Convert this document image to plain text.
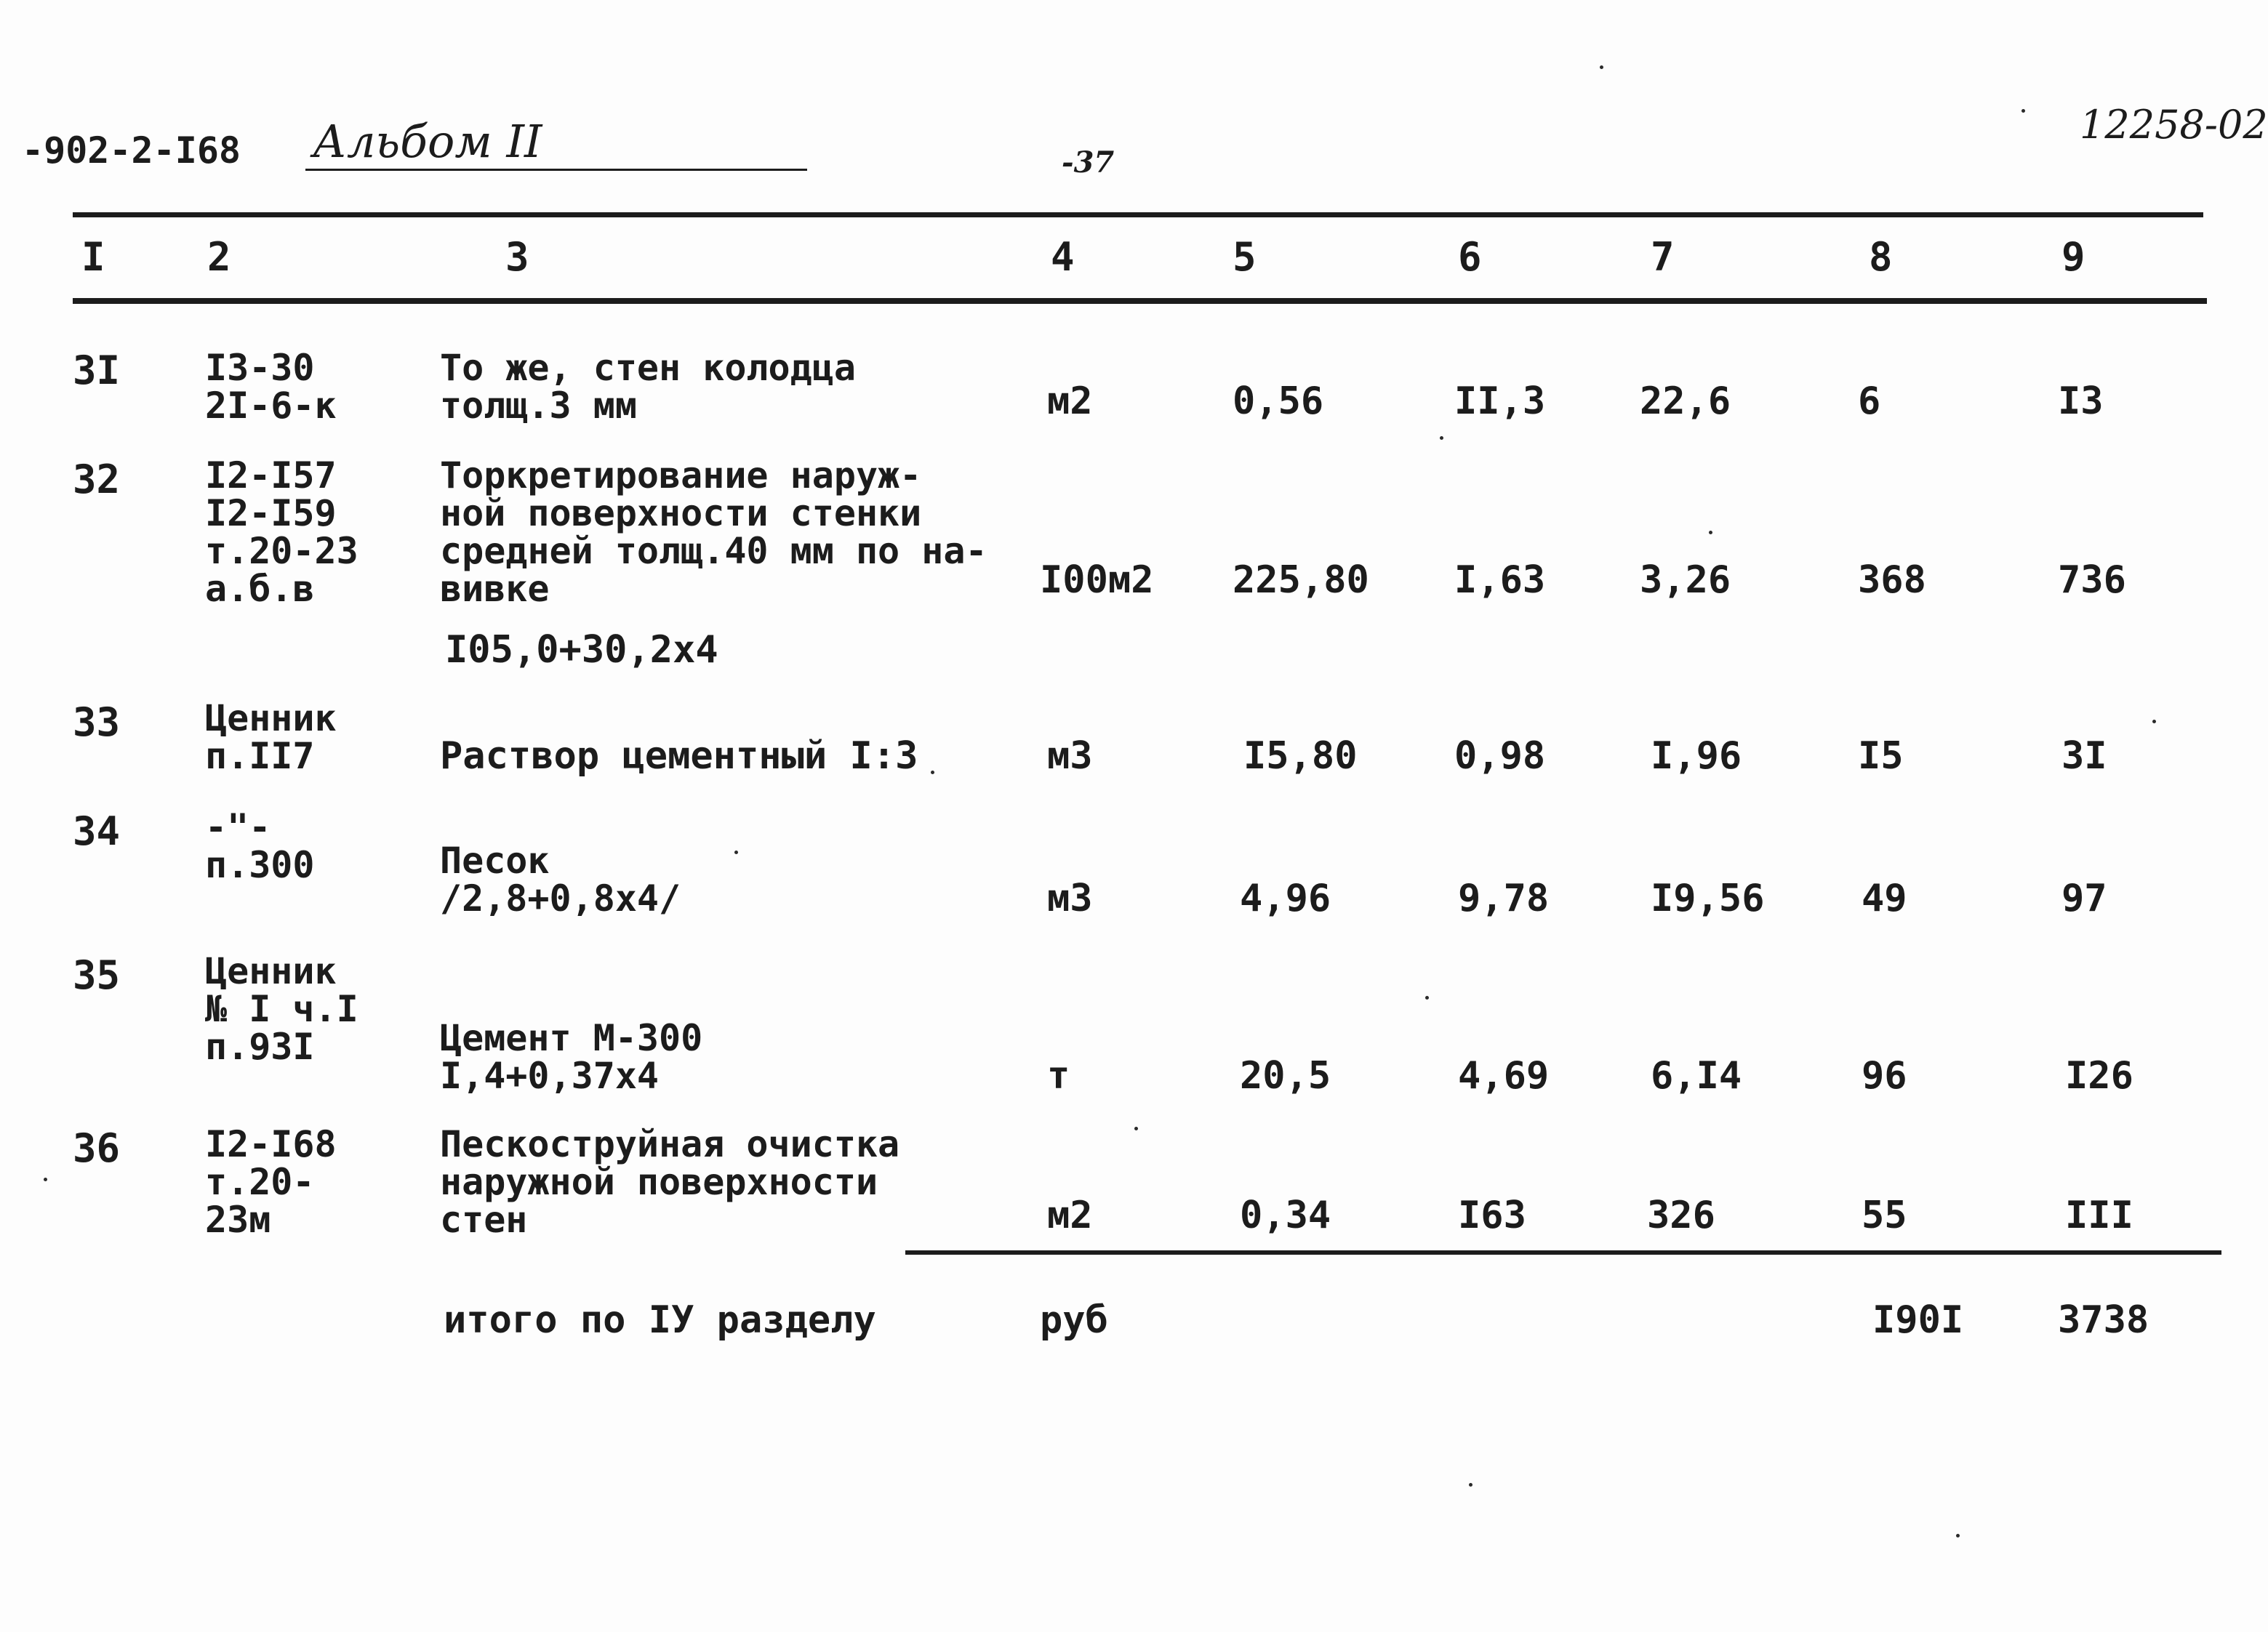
-902-2-I68 Альбом II	-37
12258-02
I	2	3	4	5	6	7	8	9
3I I3-30
2I-6-к
То же, стен колодца
толщ.3 мм	м2	0,56	II,3 22,6	6	I3
32 I2-I57
I2-I59
т.20-23
а.б.в
Торкретирование наруж-
ной поверхности стенки
средней толщ.40 мм по на-
вивке	I00м2 225,80 I,63 3,26	368	736
I05,0+30,2x4
33 Ценник
п.II7	Раствор цементный I:3	м3	I5,80	0,98	I,96	I5	3I
34 -"-
п.300	Песок
/2,8+0,8x4/	м3	4,96	9,78	I9,56	49	97
35 Ценник
№ I ч.I
п.93I	Цемент М-300
I,4+0,37x4	т	20,5	4,69	6,I4	96	I26
36 I2-I68
т.20-
23м
Пескоструйная очистка
наружной поверхности
стен	м2	0,34	I63	326	55	III
итого по IУ разделу	руб	I90I 3738
